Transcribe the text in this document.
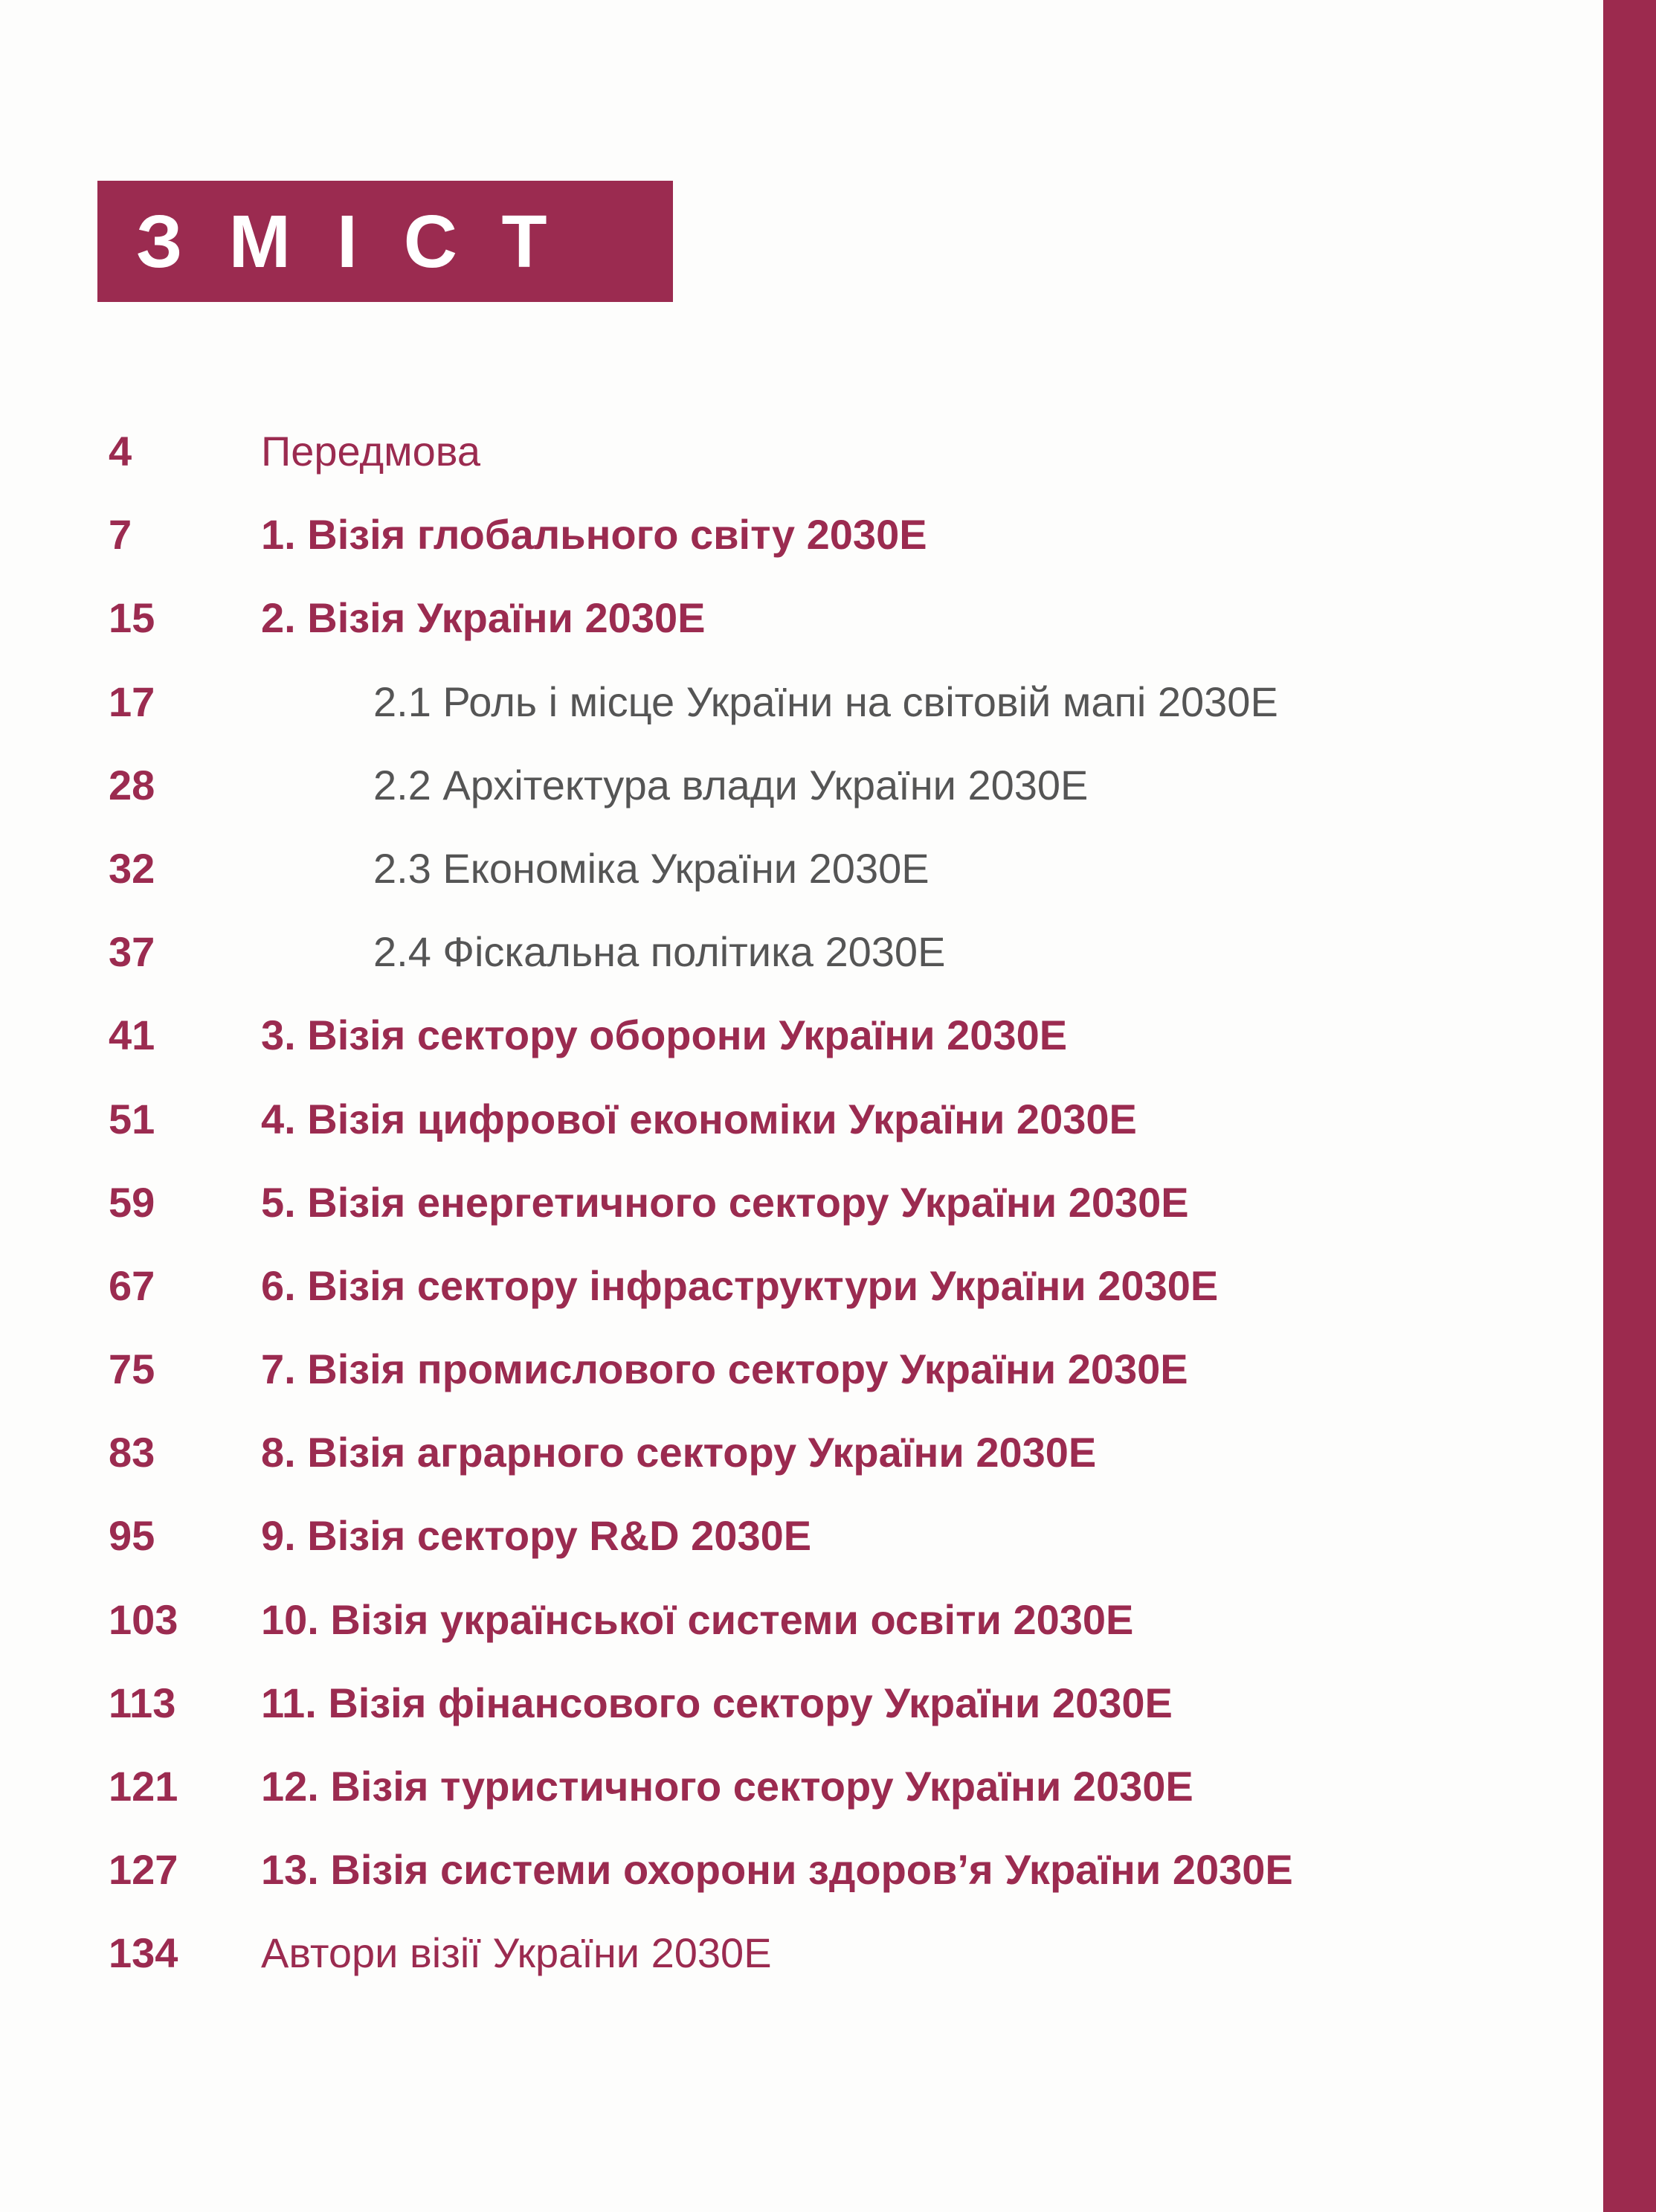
ЗМІСТ
4	Передмова
7	1. Візія глобального світу 2030Е
15	2. Візія України 2030Е
17	2.1 Роль і місце України на світовій мапі 2030Е
28	2.2 Архітектура влади України 2030Е
32	2.3 Економіка України 2030Е
37	2.4 Фіскальна політика 2030Е
41	3. Візія сектору оборони України 2030Е
51	4. Візія цифрової економіки України 2030Е
59	5. Візія енергетичного сектору України 2030Е
67	6. Візія сектору інфраструктури України 2030Е
75	7. Візія промислового сектору України 2030Е
83	8. Візія аграрного сектору України 2030Е
95	9. Візія сектору R&D 2030Е
103 10. Візія української системи освіти 2030Е
113 11. Візія фінансового сектору України 2030Е
121 12. Візія туристичного сектору України 2030Е
127 13. Візія системи охорони здоров’я України 2030Е
134 Автори візії України 2030Е
